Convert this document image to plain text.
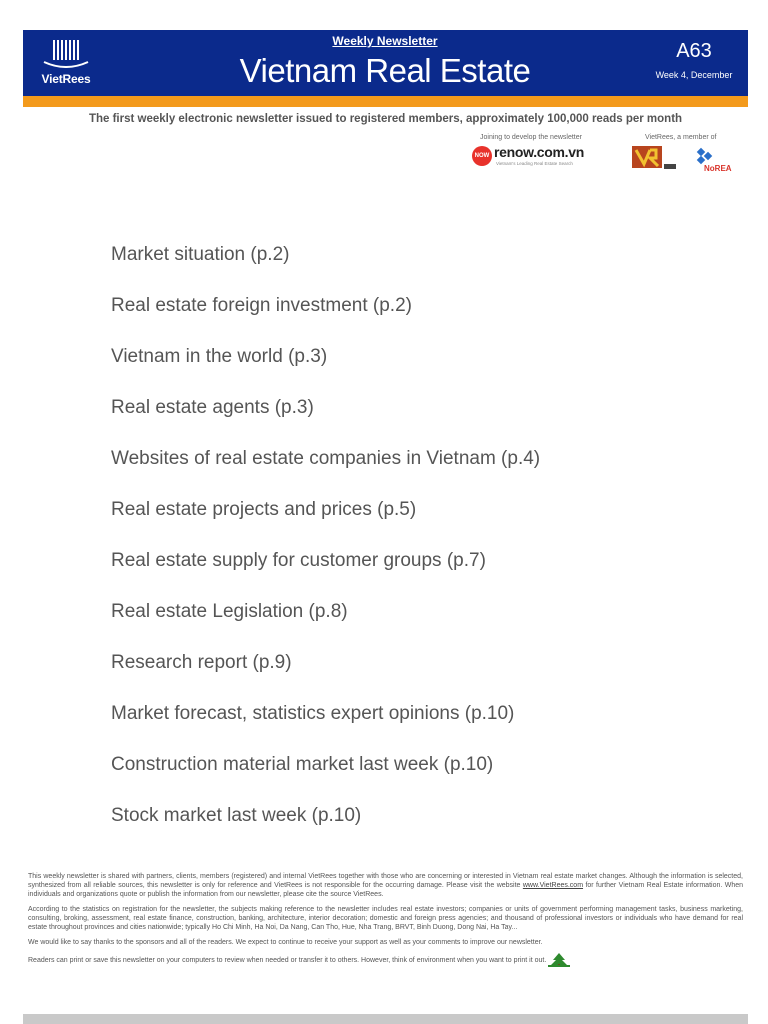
VietRees
Weekly Newsletter
Vietnam Real Estate
A63
Week 4, December
The first weekly electronic newsletter issued to registered members, approximately 100,000 reads per month
Joining to develop the newsletter
NOW renow.com.vn
Vietnam's Leading Real Estate Search
VietRees, a member of
NoREA
Market situation (p.2)
Real estate foreign investment (p.2)
Vietnam in the world (p.3)
Real estate agents (p.3)
Websites of real estate companies in Vietnam (p.4)
Real estate projects and prices (p.5)
Real estate supply for customer groups (p.7)
Real estate Legislation (p.8)
Research report (p.9)
Market forecast, statistics expert opinions (p.10)
Construction material market last week (p.10)
Stock market last week (p.10)

This weekly newsletter is shared with partners, clients, members (registered) and internal VietRees together with those who are concerning or interested in Vietnam real estate market changes. Although the information is selected, synthesized from all reliable sources, this newsletter is only for reference and VietRees is not responsible for the occurring damage. Please visit the website www.VietRees.com for further Vietnam Real Estate information. When individuals and organizations quote or publish the information from our newsletter, please cite the source VietRees.

According to the statistics on registration for the newsletter, the subjects making reference to the newsletter includes real estate investors; companies or units of government performing management tasks, business marketing, consulting, broking, assessment, real estate finance, construction, banking, architecture, interior decoration; domestic and foreign press agencies; and thousand of professional investors or individuals who have demand for real estate throughout provinces and cities nationwide; typically Ho Chi Minh, Ha Noi, Da Nang, Can Tho, Hue, Nha Trang, BRVT, Binh Duong, Dong Nai, Ha Tay...

We would like to say thanks to the sponsors and all of the readers. We expect to continue to receive your support as well as your comments to improve our newsletter.

Readers can print or save this newsletter on your computers to review when needed or transfer it to others. However, think of environment when you want to print it out.
